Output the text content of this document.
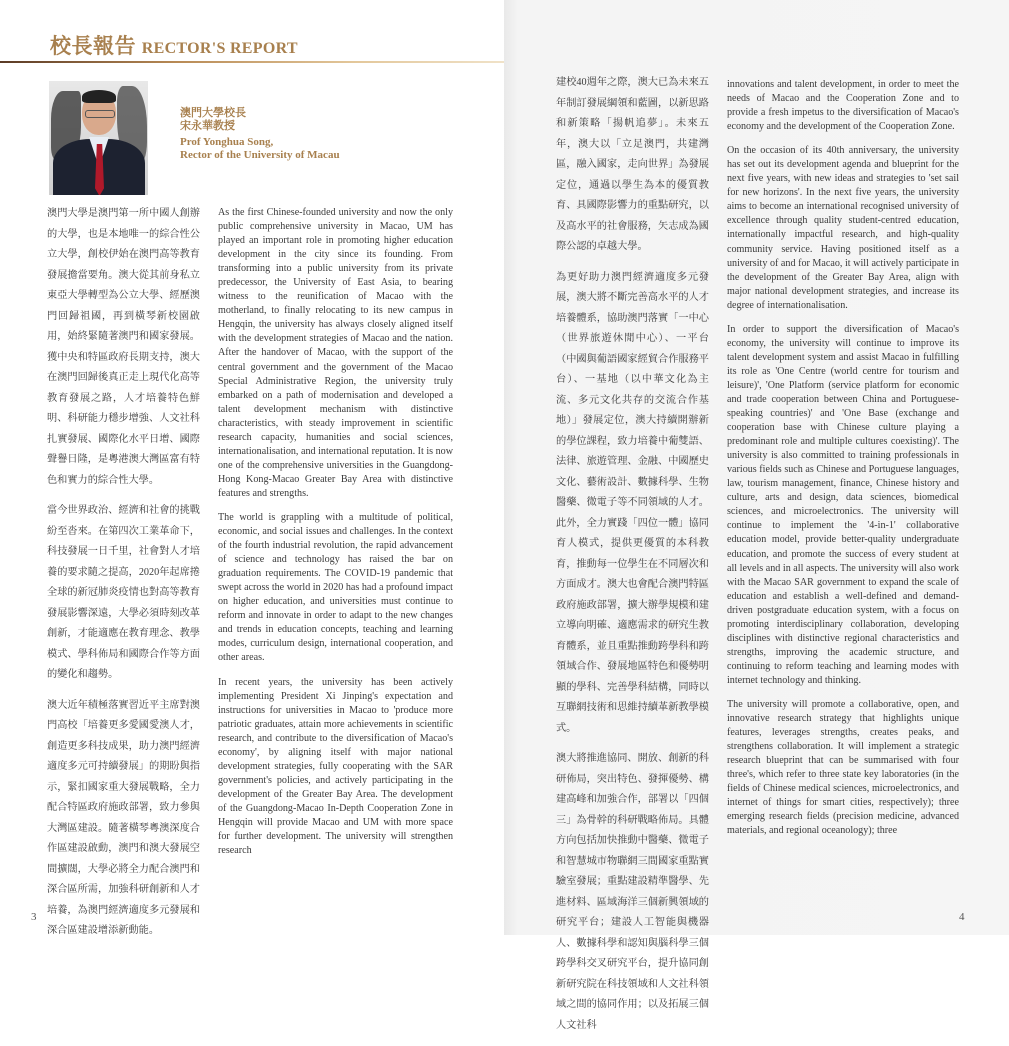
校長報告 RECTOR'S REPORT
澳門大學校長
宋永華教授
Prof Yonghua Song,
Rector of the University of Macau

澳門大學是澳門第一所中國人創辦的大學，也是本地唯一的綜合性公立大學，創校伊始在澳門高等教育發展擔當要角。澳大從其前身私立東亞大學轉型為公立大學、經歷澳門回歸祖國，再到橫琴新校園啟用，始終緊隨著澳門和國家發展。獲中央和特區政府長期支持，澳大在澳門回歸後真正走上現代化高等教育發展之路，人才培養特色鮮明、科研能力穩步增強、人文社科扎實發展、國際化水平日增、國際聲譽日隆，是粵港澳大灣區富有特色和實力的綜合性大學。

當今世界政治、經濟和社會的挑戰紛至沓來。在第四次工業革命下，科技發展一日千里，社會對人才培養的要求隨之提高，2020年起席捲全球的新冠肺炎疫情也對高等教育發展影響深遠，大學必須時刻改革創新，才能適應在教育理念、教學模式、學科佈局和國際合作等方面的變化和趨勢。

澳大近年積極落實習近平主席對澳門高校「培養更多愛國愛澳人才，創造更多科技成果，助力澳門經濟適度多元可持續發展」的期盼與指示，緊扣國家重大發展戰略，全力配合特區政府施政部署，致力參與大灣區建設。隨著橫琴粵澳深度合作區建設啟動，澳門和澳大發展空間擴闊，大學必將全力配合澳門和深合區所需，加強科研創新和人才培養，為澳門經濟適度多元發展和深合區建設增添新動能。

As the first Chinese-founded university and now the only public comprehensive university in Macao, UM has played an important role in promoting higher education development in the city since its founding. From transforming into a public university from its private predecessor, the University of East Asia, to bearing witness to the reunification of Macao with the motherland, to finally relocating to its new campus in Hengqin, the university has always closely aligned itself with the development strategies of Macao and the nation. After the handover of Macao, with the support of the central government and the government of the Macao Special Administrative Region, the university truly embarked on a path of modernisation and developed a talent development mechanism with distinctive characteristics, with steady improvement in scientific research capacity, humanities and social sciences, internationalisation, and international reputation. It is now one of the comprehensive universities in the Guangdong-Hong Kong-Macao Greater Bay Area with distinctive features and strengths.

The world is grappling with a multitude of political, economic, and social issues and challenges. In the context of the fourth industrial revolution, the rapid advancement of science and technology has raised the bar on graduation requirements. The COVID-19 pandemic that swept across the world in 2020 has had a profound impact on higher education, and universities must continue to reform and innovate in order to adapt to the new changes and trends in education concepts, teaching and learning modes, curriculum design, international cooperation, and other areas.

In recent years, the university has been actively implementing President Xi Jinping's expectation and instructions for universities in Macao to 'produce more patriotic graduates, attain more achievements in scientific research, and contribute to the diversification of Macao's economy', by aligning itself with major national development strategies, fully cooperating with the SAR government's policies, and actively participating in the development of the Greater Bay Area. The development of the Guangdong-Macao In-Depth Cooperation Zone in Hengqin will provide Macao and UM with more space for further development. The university will strengthen research

3

建校40週年之際，澳大已為未來五年制訂發展綱領和藍圖，以新思路和新策略「揚帆追夢」。未來五年，澳大以「立足澳門，共建灣區，融入國家，走向世界」為發展定位，通過以學生為本的優質教育、具國際影響力的重點研究，以及高水平的社會服務，矢志成為國際公認的卓越大學。

為更好助力澳門經濟適度多元發展，澳大將不斷完善高水平的人才培養體系，協助澳門落實「一中心（世界旅遊休閒中心）、一平台（中國與葡語國家經貿合作服務平台）、一基地（以中華文化為主流、多元文化共存的交流合作基地）」發展定位，澳大持續開辦新的學位課程，致力培養中葡雙語、法律、旅遊管理、金融、中國歷史文化、藝術設計、數據科學、生物醫藥、微電子等不同領域的人才。此外，全力實踐「四位一體」協同育人模式，提供更優質的本科教育，推動每一位學生在不同層次和方面成才。澳大也會配合澳門特區政府施政部署，擴大辦學規模和建立導向明確、適應需求的研究生教育體系，並且重點推動跨學科和跨領域合作、發展地區特色和優勢明顯的學科、完善學科結構，同時以互聯網技術和思維持續革新教學模式。

澳大將推進協同、開放、創新的科研佈局，突出特色、發揮優勢、構建高峰和加強合作，部署以「四個三」為骨幹的科研戰略佈局。具體方向包括加快推動中醫藥、微電子和智慧城市物聯網三間國家重點實驗室發展；重點建設精準醫學、先進材料、區域海洋三個新興領域的研究平台；建設人工智能與機器人、數據科學和認知與腦科學三個跨學科交叉研究平台，提升協同創新研究院在科技領域和人文社科領域之間的協同作用；以及拓展三個人文社科

innovations and talent development, in order to meet the needs of Macao and the Cooperation Zone and to provide a fresh impetus to the diversification of Macao's economy and the development of the Cooperation Zone.

On the occasion of its 40th anniversary, the university has set out its development agenda and blueprint for the next five years, with new ideas and strategies to 'set sail for new horizons'. In the next five years, the university aims to become an international recognised university of excellence through quality student-centred education, internationally impactful research, and high-quality community service. Having positioned itself as a university of and for Macao, it will actively participate in the development of the Greater Bay Area, align with major national development strategies, and increase its degree of internationalisation.

In order to support the diversification of Macao's economy, the university will continue to improve its talent development system and assist Macao in fulfilling its role as 'One Centre (world centre for tourism and leisure)', 'One Platform (service platform for economic and trade cooperation between China and Portuguese-speaking countries)' and 'One Base (exchange and cooperation base with Chinese culture playing a predominant role and multiple cultures coexisting)'. The university is also committed to training professionals in various fields such as Chinese and Portuguese languages, law, tourism management, finance, Chinese history and culture, arts and design, data sciences, biomedical sciences, and microelectronics. The university will continue to implement the '4-in-1' collaborative education model, provide better-quality undergraduate education, and promote the success of every student at all levels and in all aspects. The university will also work with the Macao SAR government to expand the scale of education and establish a well-defined and demand-driven postgraduate education system, with a focus on promoting interdisciplinary collaboration, developing disciplines with distinctive regional characteristics and strengths, improving the academic structure, and continuing to reform teaching and learning modes with internet technology and thinking.

The university will promote a collaborative, open, and innovative research strategy that highlights unique features, leverages strengths, creates peaks, and strengthens collaboration. It will implement a strategic research blueprint that can be summarised with four three's, which refer to three state key laboratories (in the fields of Chinese medical sciences, microelectronics, and internet of things for smart cities, respectively); three emerging research fields (precision medicine, advanced materials, and regional oceanology); three

4
